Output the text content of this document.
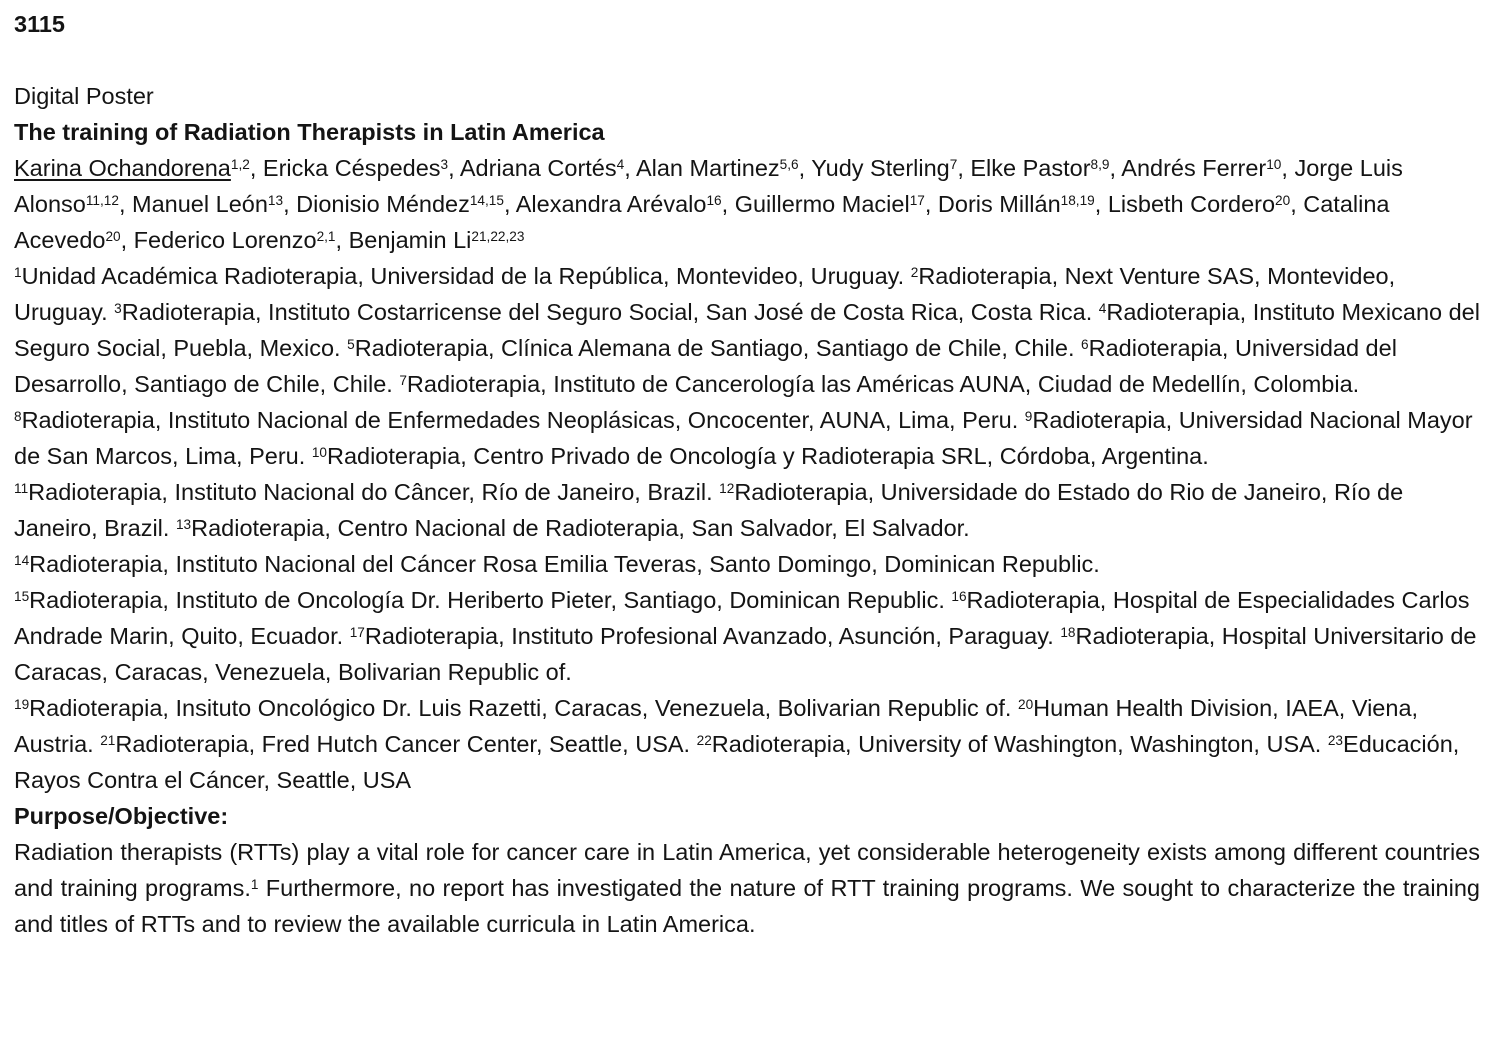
3115

Digital Poster

The training of Radiation Therapists in Latin America

Karina Ochandorena$^{1,2}$, Ericka Céspedes$^3$, Adriana Cortés$^4$, Alan Martinez$^{5,6}$, Yudy Sterling$^7$, Elke Pastor$^{8,9}$, Andrés Ferrer$^{10}$, Jorge Luis Alonso$^{11,12}$, Manuel León$^{13}$, Dionisio Méndez$^{14,15}$, Alexandra Arévalo$^{16}$, Guillermo Maciel$^{17}$, Doris Millán$^{18,19}$, Lisbeth Cordero$^{20}$, Catalina Acevedo$^{20}$, Federico Lorenzo$^{2,1}$, Benjamin Li$^{21,22,23}$

$^1$Unidad Académica Radioterapia, Universidad de la República, Montevideo, Uruguay. $^2$Radioterapia, Next Venture SAS, Montevideo, Uruguay. $^3$Radioterapia, Instituto Costarricense del Seguro Social, San José de Costa Rica, Costa Rica. $^4$Radioterapia, Instituto Mexicano del Seguro Social, Puebla, Mexico. $^5$Radioterapia, Clínica Alemana de Santiago, Santiago de Chile, Chile. $^6$Radioterapia, Universidad del Desarrollo, Santiago de Chile, Chile. $^7$Radioterapia, Instituto de Cancerología las Américas AUNA, Ciudad de Medellín, Colombia. $^8$Radioterapia, Instituto Nacional de Enfermedades Neoplásicas, Oncocenter, AUNA, Lima, Peru. $^9$Radioterapia, Universidad Nacional Mayor de San Marcos, Lima, Peru. $^{10}$Radioterapia, Centro Privado de Oncología y Radioterapia SRL, Córdoba, Argentina.
$^{11}$Radioterapia, Instituto Nacional do Câncer, Río de Janeiro, Brazil. $^{12}$Radioterapia, Universidade do Estado do Rio de Janeiro, Río de Janeiro, Brazil. $^{13}$Radioterapia, Centro Nacional de Radioterapia, San Salvador, El Salvador.
$^{14}$Radioterapia, Instituto Nacional del Cáncer Rosa Emilia Teveras, Santo Domingo, Dominican Republic.
$^{15}$Radioterapia, Instituto de Oncología Dr. Heriberto Pieter, Santiago, Dominican Republic. $^{16}$Radioterapia, Hospital de Especialidades Carlos Andrade Marin, Quito, Ecuador. $^{17}$Radioterapia, Instituto Profesional Avanzado, Asunción, Paraguay. $^{18}$Radioterapia, Hospital Universitario de Caracas, Caracas, Venezuela, Bolivarian Republic of.
$^{19}$Radioterapia, Insituto Oncológico Dr. Luis Razetti, Caracas, Venezuela, Bolivarian Republic of. $^{20}$Human Health Division, IAEA, Viena, Austria. $^{21}$Radioterapia, Fred Hutch Cancer Center, Seattle, USA. $^{22}$Radioterapia, University of Washington, Washington, USA. $^{23}$Educación, Rayos Contra el Cáncer, Seattle, USA

Purpose/Objective:

Radiation therapists (RTTs) play a vital role for cancer care in Latin America, yet considerable heterogeneity exists among different countries and training programs.$^1$ Furthermore, no report has investigated the nature of RTT training programs. We sought to characterize the training and titles of RTTs and to review the available curricula in Latin America.
